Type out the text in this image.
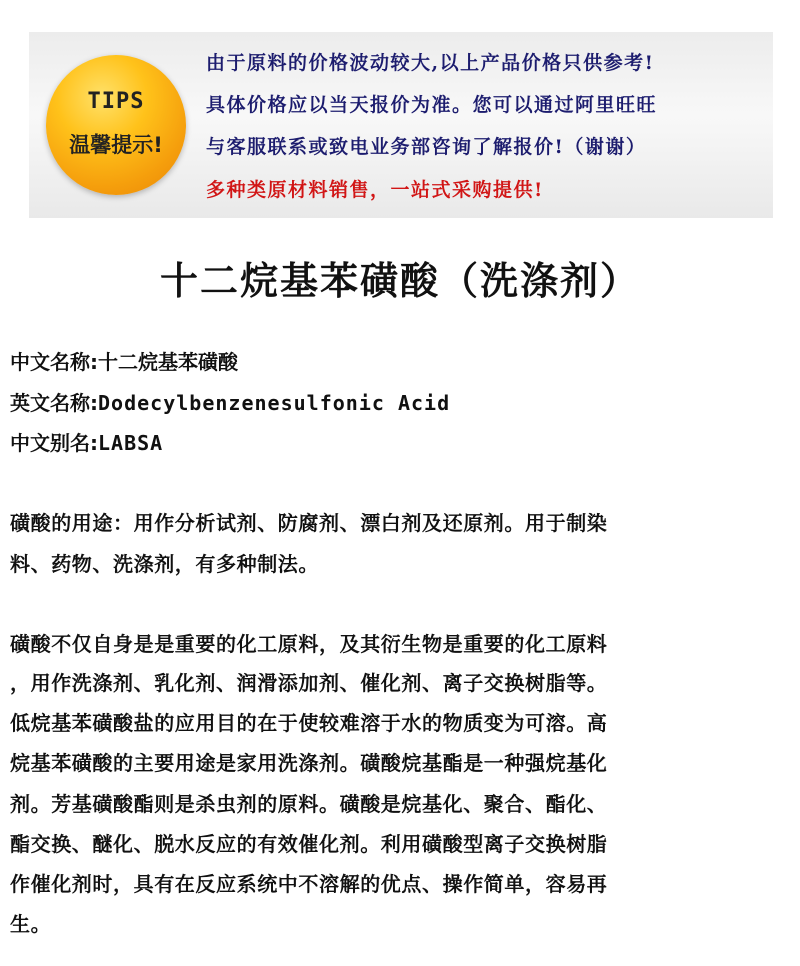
TIPS
温馨提示!
由于原料的价格波动较大,以上产品价格只供参考!
具体价格应以当天报价为准。您可以通过阿里旺旺
与客服联系或致电业务部咨询了解报价!（谢谢）
多种类原材料销售，一站式采购提供!
十二烷基苯磺酸（洗涤剂）
中文名称:十二烷基苯磺酸
英文名称:Dodecylbenzenesulfonic Acid
中文别名:LABSA
磺酸的用途：用作分析试剂、防腐剂、漂白剂及还原剂。用于制染
料、药物、洗涤剂，有多种制法。
磺酸不仅自身是是重要的化工原料，及其衍生物是重要的化工原料
，用作洗涤剂、乳化剂、润滑添加剂、催化剂、离子交换树脂等。
低烷基苯磺酸盐的应用目的在于使较难溶于水的物质变为可溶。高
烷基苯磺酸的主要用途是家用洗涤剂。磺酸烷基酯是一种强烷基化
剂。芳基磺酸酯则是杀虫剂的原料。磺酸是烷基化、聚合、酯化、
酯交换、醚化、脱水反应的有效催化剂。利用磺酸型离子交换树脂
作催化剂时，具有在反应系统中不溶解的优点、操作简单，容易再
生。
